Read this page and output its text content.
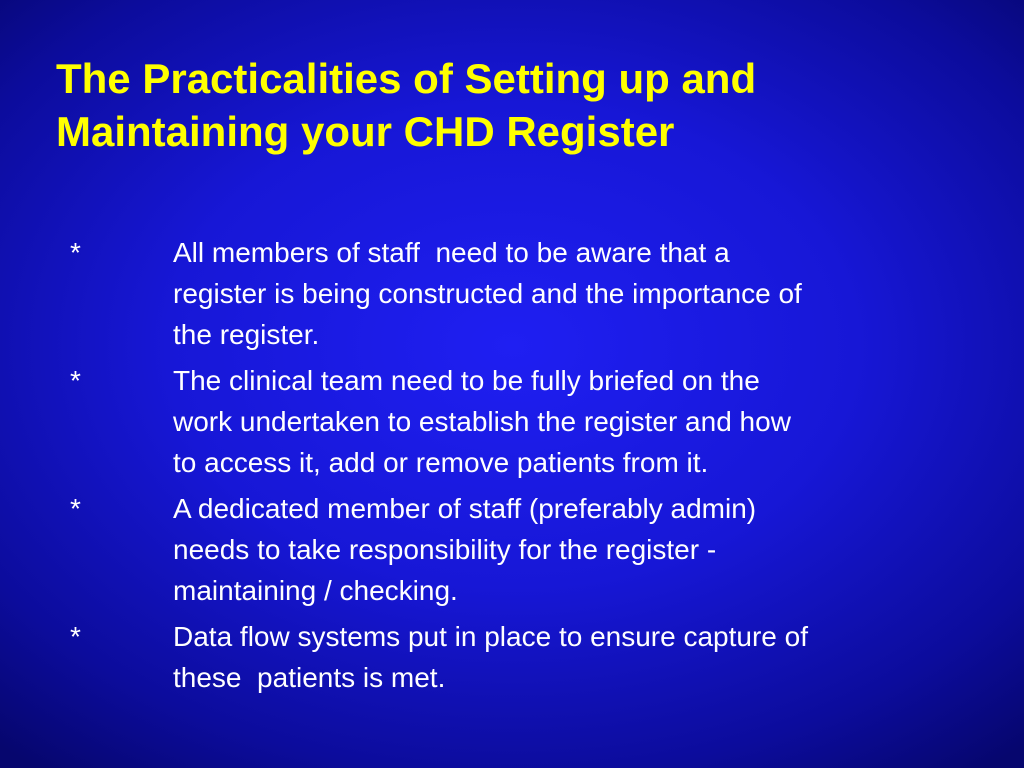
The Practicalities of Setting up and
Maintaining your CHD Register
*	All members of staff  need to be aware that a
register is being constructed and the importance of
the register.
*	The clinical team need to be fully briefed on the
work undertaken to establish the register and how
to access it, add or remove patients from it.
*	A dedicated member of staff (preferably admin)
needs to take responsibility for the register -
maintaining / checking.
*	Data flow systems put in place to ensure capture of
these  patients is met.
